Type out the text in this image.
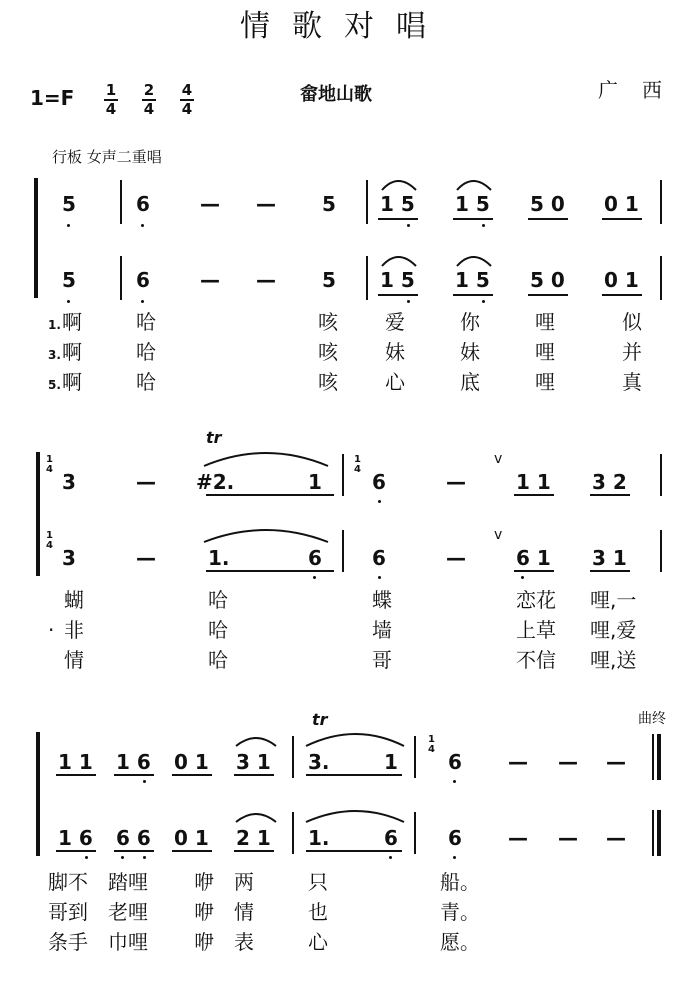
情歌对唱
$1=F \frac{1}{4} \frac{2}{4} \frac{4}{4}$	畲地山歌	广西
行板 女声二重唱
曲终
5	6	— — 5 1 5 1 5 5 0 0 1
5	6	— — 5 1 5 1 5 5 0 0 1
1. 啊	哈	咳 爱	你	哩	似
3. 啊	哈	咳 妹	妹	哩	并
5. 啊	哈	咳 心	底	哩	真
1
4
1
4
1
4
tr
3	— #2.	1	6	—	1 1 3 2
v
3	—	1.	6	6	—	6 1 3 1
v
蝴	哈	蝶	恋花 哩,一
· 非	哈	墙	上草 哩,爱
情	哈	哥	不信 哩,送
1
4
tr
1 1 1 6 0 1 3 1 3.	1	6 — — —
1 6 6 6 0 1 2 1 1.	6	6 — — —
脚不 踏哩 咿 两	只	船。
哥到 老哩 咿 情	也	青。
条手 巾哩 咿 表	心	愿。
